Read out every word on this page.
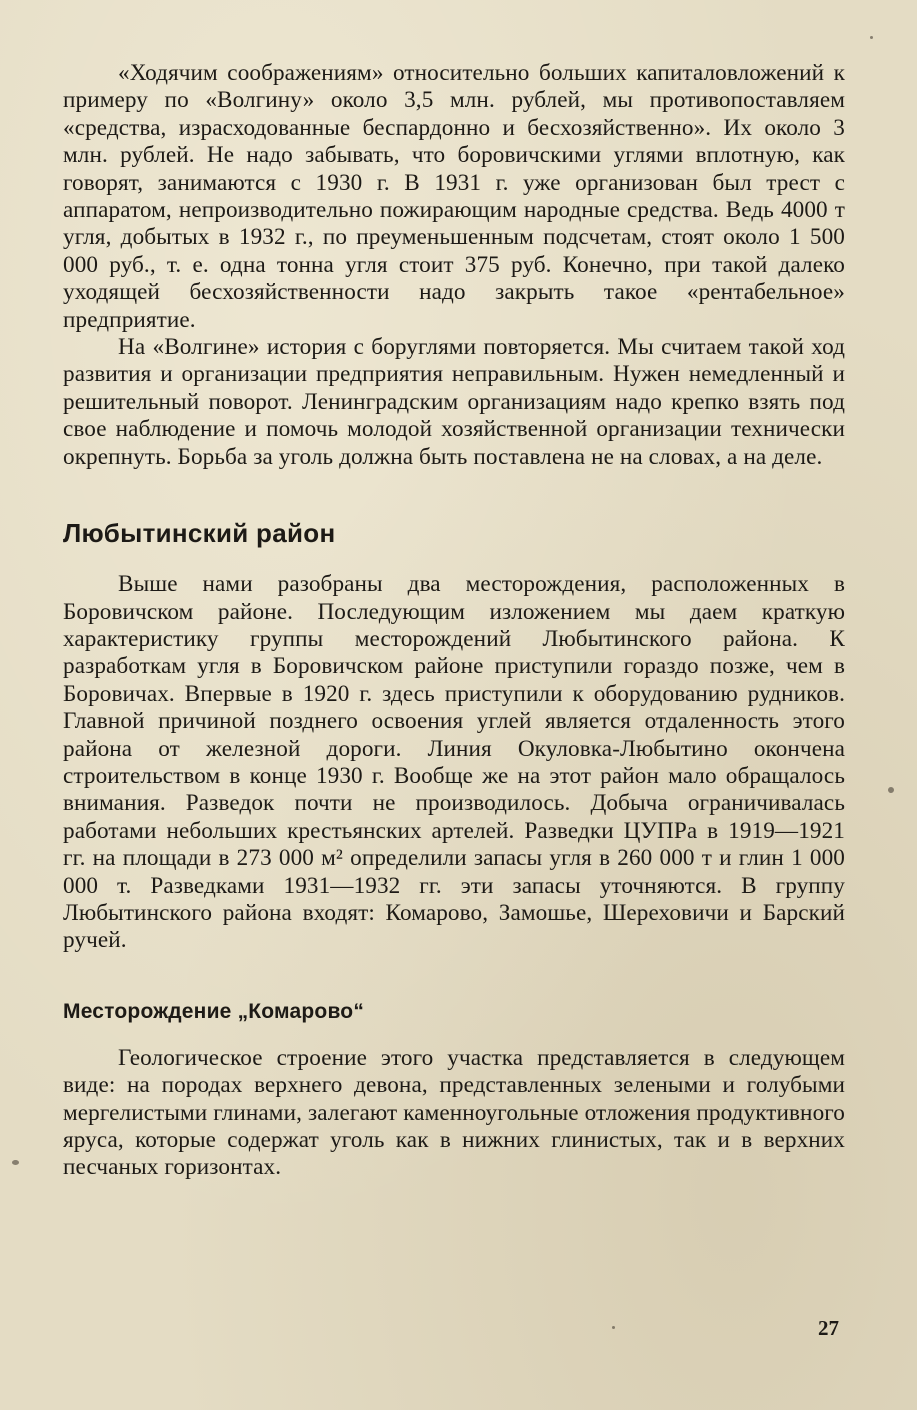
«Ходячим соображениям» относительно больших капиталовложений к примеру по «Волгину» около 3,5 млн. рублей, мы противопоставляем «средства, израсходованные беспардонно и бесхозяйственно». Их около 3 млн. рублей. Не надо забывать, что боровичскими углями вплотную, как говорят, занимаются с 1930 г. В 1931 г. уже организован был трест с аппаратом, непроизводительно пожирающим народные средства. Ведь 4000 т угля, добытых в 1932 г., по преуменьшенным подсчетам, стоят около 1 500 000 руб., т. е. одна тонна угля стоит 375 руб. Конечно, при такой далеко уходящей бесхозяйственности надо закрыть такое «рентабельное» предприятие.

На «Волгине» история с боруглями повторяется. Мы считаем такой ход развития и организации предприятия неправильным. Нужен немедленный и решительный поворот. Ленинградским организациям надо крепко взять под свое наблюдение и помочь молодой хозяйственной организации технически окрепнуть. Борьба за уголь должна быть поставлена не на словах, а на деле.

Любытинский район

Выше нами разобраны два месторождения, расположенных в Боровичском районе. Последующим изложением мы даем краткую характеристику группы месторождений Любытинского района. К разработкам угля в Боровичском районе приступили гораздо позже, чем в Боровичах. Впервые в 1920 г. здесь приступили к оборудованию рудников. Главной причиной позднего освоения углей является отдаленность этого района от железной дороги. Линия Окуловка-Любытино окончена строительством в конце 1930 г. Вообще же на этот район мало обращалось внимания. Разведок почти не производилось. Добыча ограничивалась работами небольших крестьянских артелей. Разведки ЦУПРа в 1919—1921 гг. на площади в 273 000 м² определили запасы угля в 260 000 т и глин 1 000 000 т. Разведками 1931—1932 гг. эти запасы уточняются. В группу Любытинского района входят: Комарово, Замошье, Шереховичи и Барский ручей.

Месторождение „Комарово“

Геологическое строение этого участка представляется в следующем виде: на породах верхнего девона, представленных зелеными и голубыми мергелистыми глинами, залегают каменноугольные отложения продуктивного яруса, которые содержат уголь как в нижних глинистых, так и в верхних песчаных горизонтах.

27
